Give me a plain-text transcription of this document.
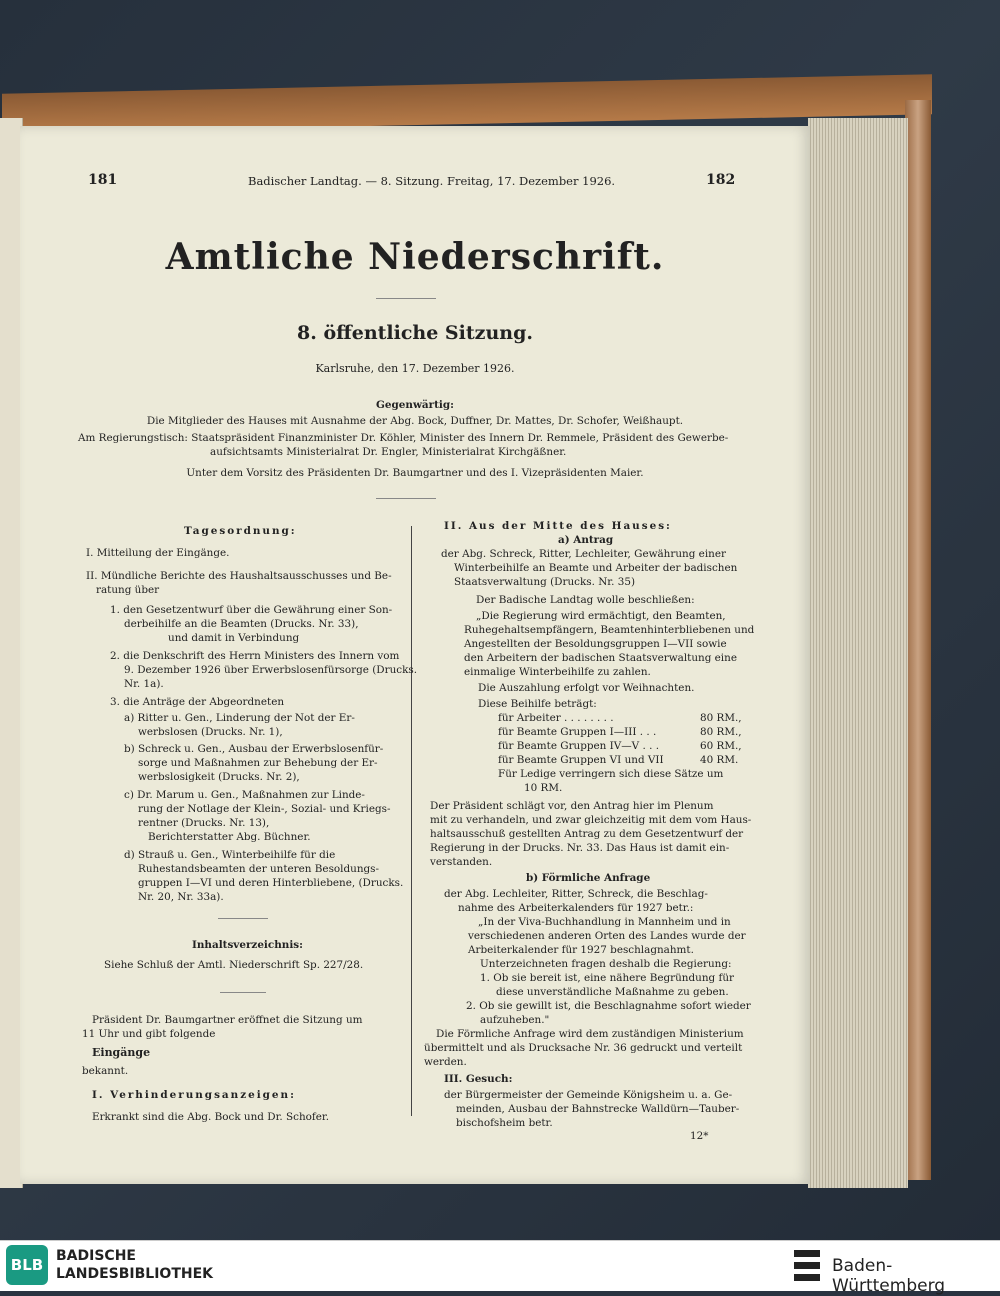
181	Badischer Landtag. — 8. Sitzung. Freitag, 17. Dezember 1926.	182
Amtliche Niederschrift.
8. öffentliche Sitzung.
Karlsruhe, den 17. Dezember 1926.
Gegenwärtig:
Die Mitglieder des Hauses mit Ausnahme der Abg. Bock, Duffner, Dr. Mattes, Dr. Schofer, Weißhaupt.
Am Regierungstisch: Staatspräsident Finanzminister Dr. Köhler, Minister des Innern Dr. Remmele, Präsident des Gewerbe-
aufsichtsamts Ministerialrat Dr. Engler, Ministerialrat Kirchgäßner.
Unter dem Vorsitz des Präsidenten Dr. Baumgartner und des I. Vizepräsidenten Maier.
Tagesordnung:
I. Mitteilung der Eingänge.
II. Mündliche Berichte des Haushaltsausschusses und Be-
ratung über
1. den Gesetzentwurf über die Gewährung einer Son-
derbeihilfe an die Beamten (Drucks. Nr. 33),
und damit in Verbindung
2. die Denkschrift des Herrn Ministers des Innern vom
9. Dezember 1926 über Erwerbslosenfürsorge (Drucks.
Nr. 1a).
3. die Anträge der Abgeordneten
a) Ritter u. Gen., Linderung der Not der Er-
werbslosen (Drucks. Nr. 1),
b) Schreck u. Gen., Ausbau der Erwerbslosenfür-
sorge und Maßnahmen zur Behebung der Er-
werbslosigkeit (Drucks. Nr. 2),
c) Dr. Marum u. Gen., Maßnahmen zur Linde-
rung der Notlage der Klein-, Sozial- und Kriegs-
rentner (Drucks. Nr. 13),
Berichterstatter Abg. Büchner.
d) Strauß u. Gen., Winterbeihilfe für die
Ruhestandsbeamten der unteren Besoldungs-
gruppen I—VI und deren Hinterbliebene, (Drucks.
Nr. 20, Nr. 33a).
Inhaltsverzeichnis:
Siehe Schluß der Amtl. Niederschrift Sp. 227/28.
Präsident Dr. Baumgartner eröffnet die Sitzung um
11 Uhr und gibt folgende
Eingänge
bekannt.
I. Verhinderungsanzeigen:
Erkrankt sind die Abg. Bock und Dr. Schofer.
II. Aus der Mitte des Hauses:
a) Antrag
der Abg. Schreck, Ritter, Lechleiter, Gewährung einer
Winterbeihilfe an Beamte und Arbeiter der badischen
Staatsverwaltung (Drucks. Nr. 35)
Der Badische Landtag wolle beschließen:
„Die Regierung wird ermächtigt, den Beamten,
Ruhegehaltsempfängern, Beamtenhinterbliebenen und
Angestellten der Besoldungsgruppen I—VII sowie
den Arbeitern der badischen Staatsverwaltung eine
einmalige Winterbeihilfe zu zahlen.
Die Auszahlung erfolgt vor Weihnachten.
Diese Beihilfe beträgt:
für Arbeiter . . . . . . . .	80 RM.,
für Beamte Gruppen I—III . . .	80 RM.,
für Beamte Gruppen IV—V . . .	60 RM.,
für Beamte Gruppen VI und VII	40 RM.
Für Ledige verringern sich diese Sätze um
10 RM.
Der Präsident schlägt vor, den Antrag hier im Plenum
mit zu verhandeln, und zwar gleichzeitig mit dem vom Haus-
haltsausschuß gestellten Antrag zu dem Gesetzentwurf der
Regierung in der Drucks. Nr. 33. Das Haus ist damit ein-
verstanden.
b) Förmliche Anfrage
der Abg. Lechleiter, Ritter, Schreck, die Beschlag-
nahme des Arbeiterkalenders für 1927 betr.:
„In der Viva-Buchhandlung in Mannheim und in
verschiedenen anderen Orten des Landes wurde der
Arbeiterkalender für 1927 beschlagnahmt.
Unterzeichneten fragen deshalb die Regierung:
1. Ob sie bereit ist, eine nähere Begründung für
diese unverständliche Maßnahme zu geben.
2. Ob sie gewillt ist, die Beschlagnahme sofort wieder
aufzuheben."
Die Förmliche Anfrage wird dem zuständigen Ministerium
übermittelt und als Drucksache Nr. 36 gedruckt und verteilt
werden.
III. Gesuch:
der Bürgermeister der Gemeinde Königsheim u. a. Ge-
meinden, Ausbau der Bahnstrecke Walldürn—Tauber-
bischofsheim betr.
12*
BLB BADISCHE
LANDESBIBLIOTHEK	Baden-Württemberg
